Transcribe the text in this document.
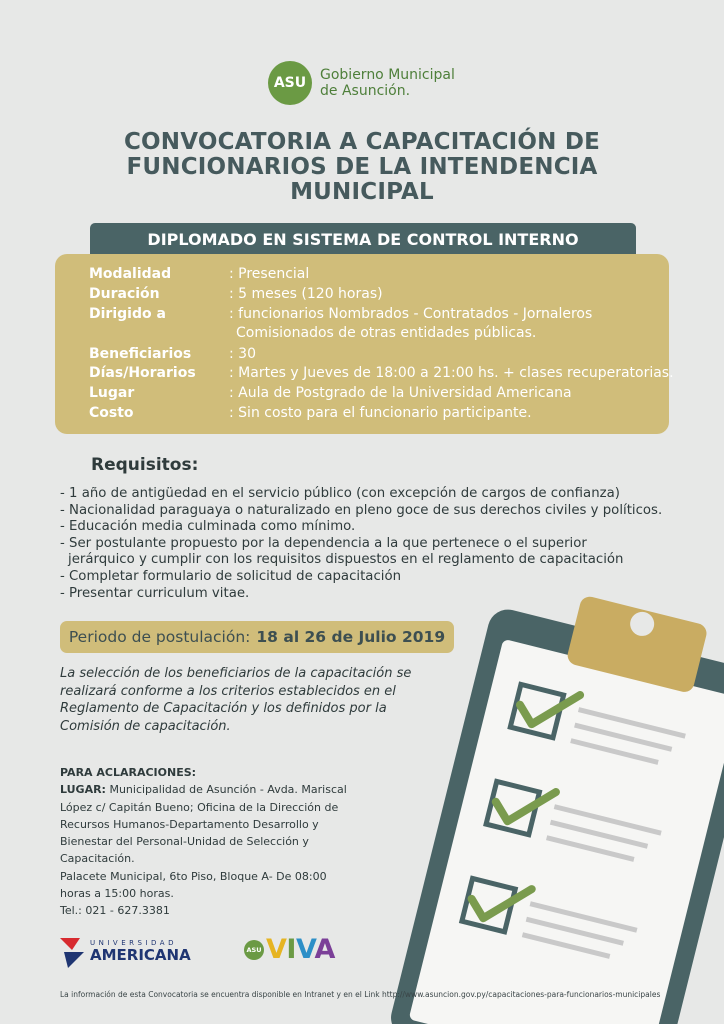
ASU Gobierno Municipal
de Asunción.
CONVOCATORIA A CAPACITACIÓN DE
FUNCIONARIOS DE LA INTENDENCIA
MUNICIPAL
DIPLOMADO EN SISTEMA DE CONTROL INTERNO
Modalidad	: Presencial
Duración	: 5 meses (120 horas)
Dirigido a	: funcionarios Nombrados - Contratados - Jornaleros
Comisionados de otras entidades públicas.
Beneficiarios	: 30
Días/Horarios : Martes y Jueves de 18:00 a 21:00 hs. + clases recuperatorias.
Lugar	: Aula de Postgrado de la Universidad Americana
Costo	: Sin costo para el funcionario participante.
Requisitos:
- 1 año de antigüedad en el servicio público (con excepción de cargos de confianza)
- Nacionalidad paraguaya o naturalizado en pleno goce de sus derechos civiles y políticos.
- Educación media culminada como mínimo.
- Ser postulante propuesto por la dependencia a la que pertenece o el superior
jerárquico y cumplir con los requisitos dispuestos en el reglamento de capacitación
- Completar formulario de solicitud de capacitación
- Presentar curriculum vitae.
Periodo de postulación: 18 al 26 de Julio 2019
La selección de los beneficiarios de la capacitación se
realizará conforme a los criterios establecidos en el
Reglamento de Capacitación y los definidos por la
Comisión de capacitación.
PARA ACLARACIONES:
LUGAR: Municipalidad de Asunción - Avda. Mariscal
López c/ Capitán Bueno; Oficina de la Dirección de
Recursos Humanos-Departamento Desarrollo y
Bienestar del Personal-Unidad de Selección y
Capacitación.
Palacete Municipal, 6to Piso, Bloque A- De 08:00
horas a 15:00 horas.
Tel.: 021 - 627.3381
UNIVERSIDAD
AMERICANA	ASU VIVA
La información de esta Convocatoria se encuentra disponible en Intranet y en el Link http://www.asuncion.gov.py/capacitaciones-para-funcionarios-municipales
